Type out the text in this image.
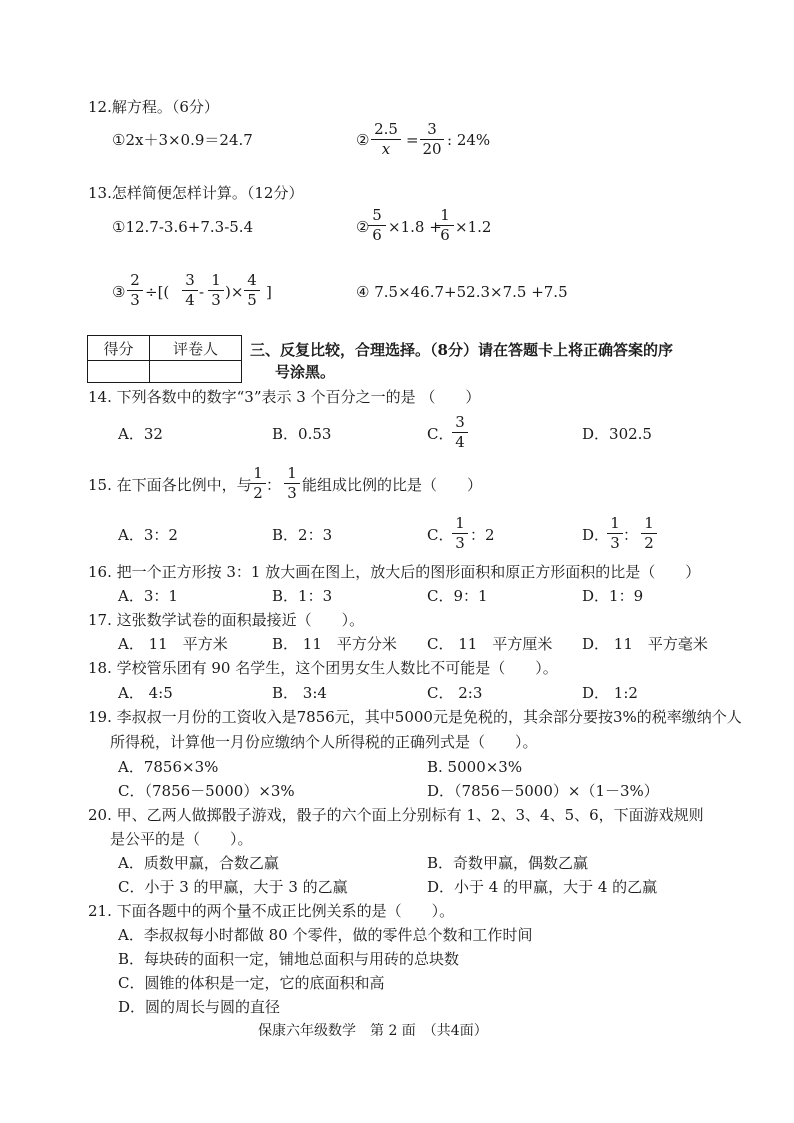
12.解方程。（6分）
①2x＋3×0.9＝24.7	②
2.5
x	=
3
20 : 24%
13.怎样简便怎样计算。（12分）
①12.7-3.6+7.3-5.4	②
5
6 ×1.8 +
1
6 ×1.2
③
2
3 ÷[(
3
4 -
1
3 )×
4
5 ]	④ 7.5×46.7+52.3×7.5 +7.5
得分	评卷人
	三、反复比较，合理选择。（8分）请在答题卡上将正确答案的序
号涂黑。
14. 下列各数中的数字“3”表示 3 个百分之一的是 （　　）
A．32	B．0.53	C．
3
4	D．302.5
15. 在下面各比例中，与
1
2 ：
1
3 能组成比例的比是（　　）
A．3：2	B．2：3	C．
1
3 ：2	D．
1
3 ：
1
2
16. 把一个正方形按 3：1 放大画在图上，放大后的图形面积和原正方形面积的比是（　　）
A．3：1	B．1：3	C．9：1	D．1：9
17. 这张数学试卷的面积最接近（　　）。
A． 11　平方米	B． 11　平方分米 C． 11　平方厘米 D． 11　平方毫米
18. 学校管乐团有 90 名学生，这个团男女生人数比不可能是（　　）。
A． 4:5	B． 3:4	C． 2:3	D． 1:2
19. 李叔叔一月份的工资收入是7856元，其中5000元是免税的，其余部分要按3%的税率缴纳个人
所得税，计算他一月份应缴纳个人所得税的正确列式是（　　）。
A．7856×3%	B. 5000×3%
C．（7856－5000）×3%	D．（7856－5000）×（1－3%）
20. 甲、乙两人做掷骰子游戏，骰子的六个面上分别标有 1、2、3、4、5、6，下面游戏规则
是公平的是（　　）。
A．质数甲赢，合数乙赢	B．奇数甲赢，偶数乙赢
C．小于 3 的甲赢，大于 3 的乙赢	D．小于 4 的甲赢，大于 4 的乙赢
21. 下面各题中的两个量不成正比例关系的是（　　）。
A．李叔叔每小时都做 80 个零件，做的零件总个数和工作时间
B．每块砖的面积一定，铺地总面积与用砖的总块数
C．圆锥的体积是一定，它的底面积和高
D．圆的周长与圆的直径
保康六年级数学　第 2 面　（共4面）
